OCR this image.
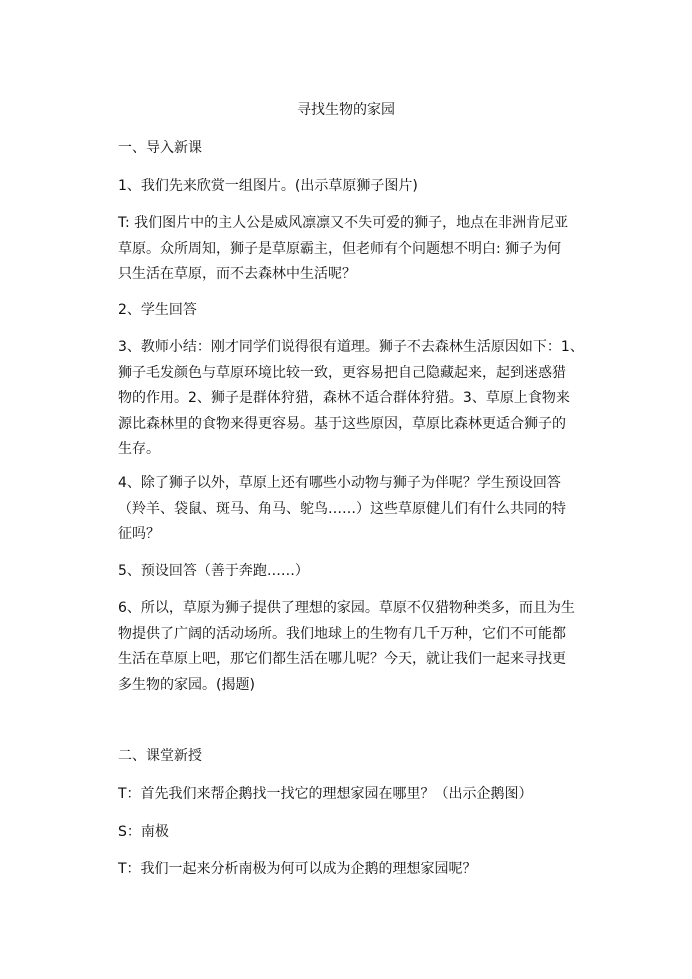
寻找生物的家园
一、导入新课
1、我们先来欣赏一组图片。(出示草原狮子图片)
T: 我们图片中的主人公是威风凛凛又不失可爱的狮子，地点在非洲肯尼亚
草原。众所周知，狮子是草原霸主，但老师有个问题想不明白: 狮子为何
只生活在草原，而不去森林中生活呢？
2、学生回答
3、教师小结：刚才同学们说得很有道理。狮子不去森林生活原因如下：1、
狮子毛发颜色与草原环境比较一致，更容易把自己隐藏起来，起到迷惑猎
物的作用。2、狮子是群体狩猎，森林不适合群体狩猎。3、草原上食物来
源比森林里的食物来得更容易。基于这些原因，草原比森林更适合狮子的
生存。
4、除了狮子以外，草原上还有哪些小动物与狮子为伴呢？学生预设回答
（羚羊、袋鼠、斑马、角马、鸵鸟……）这些草原健儿们有什么共同的特
征吗？
5、预设回答（善于奔跑……）
6、所以，草原为狮子提供了理想的家园。草原不仅猎物种类多，而且为生
物提供了广阔的活动场所。我们地球上的生物有几千万种，它们不可能都
生活在草原上吧，那它们都生活在哪儿呢？今天，就让我们一起来寻找更
多生物的家园。(揭题)
二、课堂新授
T：首先我们来帮企鹅找一找它的理想家园在哪里？（出示企鹅图）
S：南极
T：我们一起来分析南极为何可以成为企鹅的理想家园呢？
